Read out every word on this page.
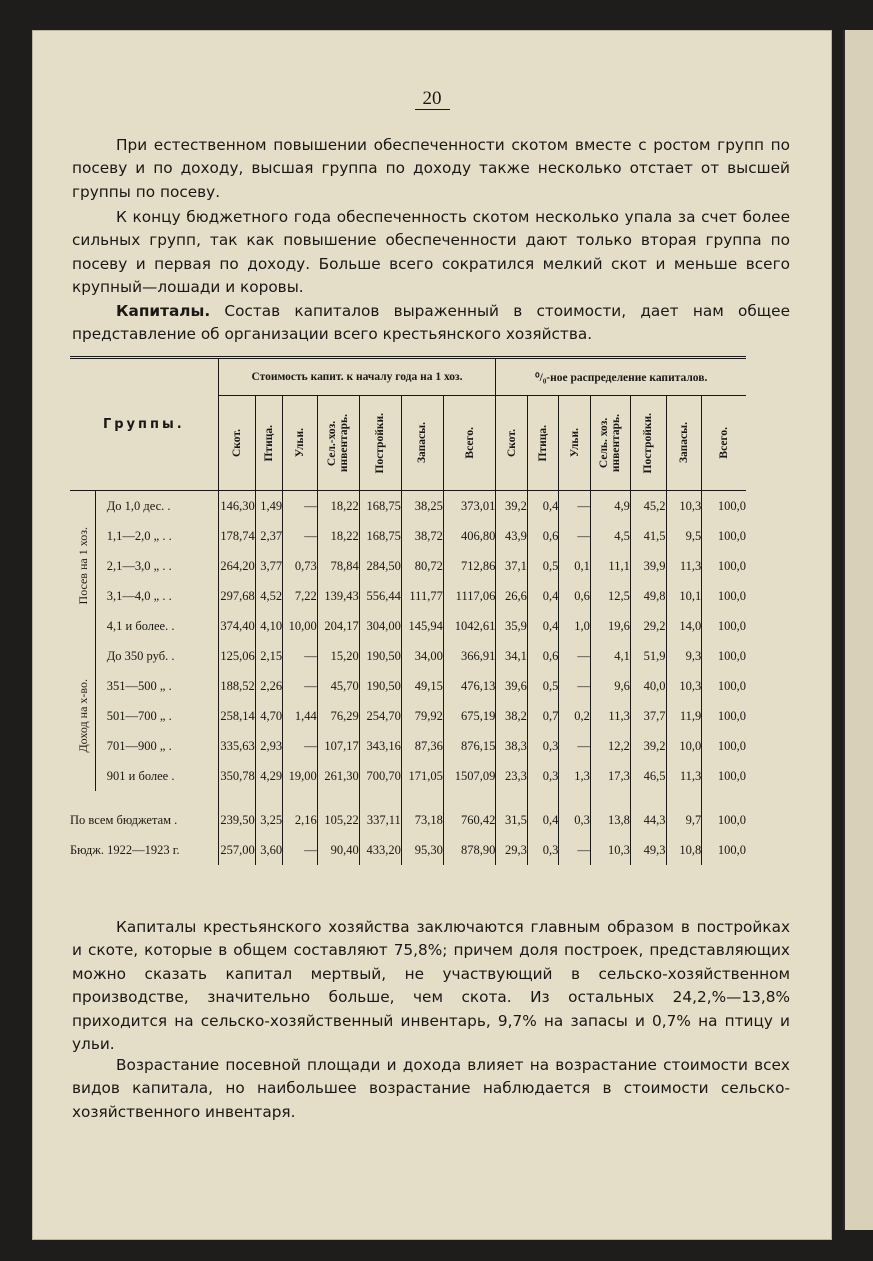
20
При естественном повышении обеспеченности скотом вместе с ростом групп по посеву и по доходу, высшая группа по доходу также несколько отстает от высшей группы по посеву.
К концу бюджетного года обеспеченность скотом несколько упала за счет более сильных групп, так как повышение обеспеченности дают только вторая группа по посеву и первая по доходу. Больше всего сократился мелкий скот и меньше всего крупный—лошади и коровы.
Капиталы. Состав капиталов выраженный в стоимости, дает нам общее представление об организации всего крестьянского хозяйства.
Группы.			Стоимость капит. к началу года на 1 хоз.							⁰/₀-ное распределение капиталов.						

			Скот.	Птица.	Ульи.	Сел.-хоз.
инвентарь.	Постройки.	Запасы.	Всего.	Скот.	Птица.	Ульи.	Сель. хоз.
инвентарь.	Постройки.	Запасы.	Всего.

Посев на 1 хоз.		До 1,0 дес. .	146,30	1,49	—	18,22	168,75	38,25	373,01	39,2	0,4	—	4,9	45,2	10,3	100,0
		1,1—2,0 „ . .	178,74	2,37	—	18,22	168,75	38,72	406,80	43,9	0,6	—	4,5	41,5	9,5	100,0
		2,1—3,0 „ . .	264,20	3,77	0,73	78,84	284,50	80,72	712,86	37,1	0,5	0,1	11,1	39,9	11,3	100,0
		3,1—4,0 „ . .	297,68	4,52	7,22	139,43	556,44	111,77	1117,06	26,6	0,4	0,6	12,5	49,8	10,1	100,0
		4,1 и более. .	374,40	4,10	10,00	204,17	304,00	145,94	1042,61	35,9	0,4	1,0	19,6	29,2	14,0	100,0

Доход на х-во.		До 350 руб. .	125,06	2,15	—	15,20	190,50	34,00	366,91	34,1	0,6	—	4,1	51,9	9,3	100,0
		351—500 „ .	188,52	2,26	—	45,70	190,50	49,15	476,13	39,6	0,5	—	9,6	40,0	10,3	100,0
		501—700 „ .	258,14	4,70	1,44	76,29	254,70	79,92	675,19	38,2	0,7	0,2	11,3	37,7	11,9	100,0
		701—900 „ .	335,63	2,93	—	107,17	343,16	87,36	876,15	38,3	0,3	—	12,2	39,2	10,0	100,0
		901 и более .	350,78	4,29	19,00	261,30	700,70	171,05	1507,09	23,3	0,3	1,3	17,3	46,5	11,3	100,0

По всем бюджетам .			239,50	3,25	2,16	105,22	337,11	73,18	760,42	31,5	0,4	0,3	13,8	44,3	9,7	100,0
Бюдж. 1922—1923 г.			257,00	3,60	—	90,40	433,20	95,30	878,90	29,3	0,3	—	10,3	49,3	10,8	100,0
Капиталы крестьянского хозяйства заключаются главным образом в постройках и скоте, которые в общем составляют 75,8%; причем доля построек, представляющих можно сказать капитал мертвый, не участвующий в сельско-хозяйственном производстве, значительно больше, чем скота. Из остальных 24,2,%—13,8% приходится на сельско-хозяйственный инвентарь, 9,7% на запасы и 0,7% на птицу и ульи.
Возрастание посевной площади и дохода влияет на возрастание стоимости всех видов капитала, но наибольшее возрастание наблюдается в стоимости сельско-хозяйственного инвентаря.
